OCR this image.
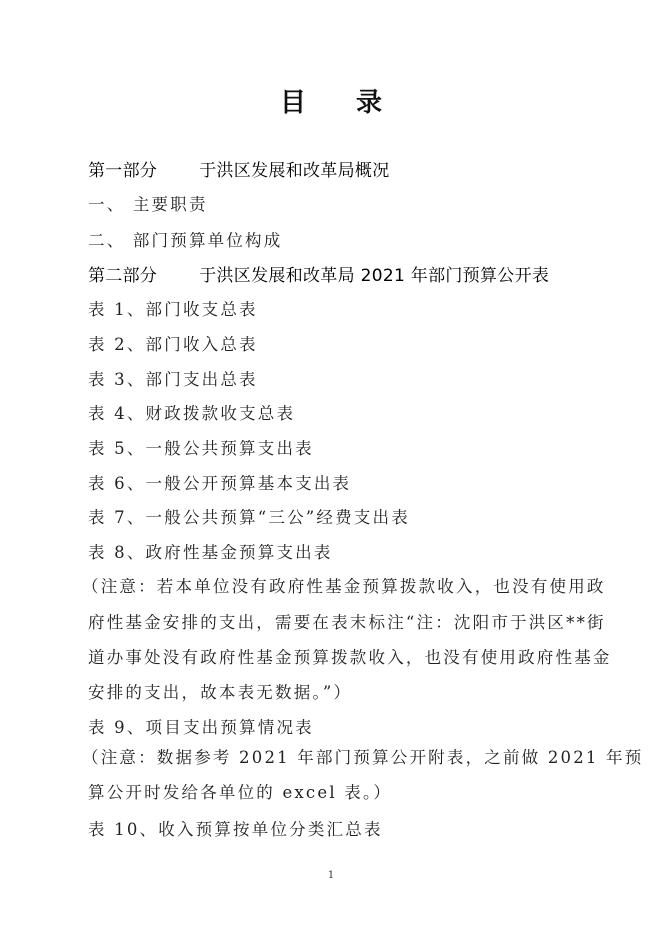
目 录
第一部分 于洪区发展和改革局概况
一、 主要职责
二、 部门预算单位构成
第二部分 于洪区发展和改革局 2021 年部门预算公开表
表 1、部门收支总表
表 2、部门收入总表
表 3、部门支出总表
表 4、财政拨款收支总表
表 5、一般公共预算支出表
表 6、一般公开预算基本支出表
表 7、一般公共预算“三公”经费支出表
表 8、政府性基金预算支出表
（注意：若本单位没有政府性基金预算拨款收入，也没有使用政
府性基金安排的支出，需要在表末标注“注：沈阳市于洪区**街
道办事处没有政府性基金预算拨款收入，也没有使用政府性基金
安排的支出，故本表无数据。”）
表 9、项目支出预算情况表
（注意：数据参考 2021 年部门预算公开附表，之前做 2021 年预
算公开时发给各单位的 excel 表。）
表 10、收入预算按单位分类汇总表
1
